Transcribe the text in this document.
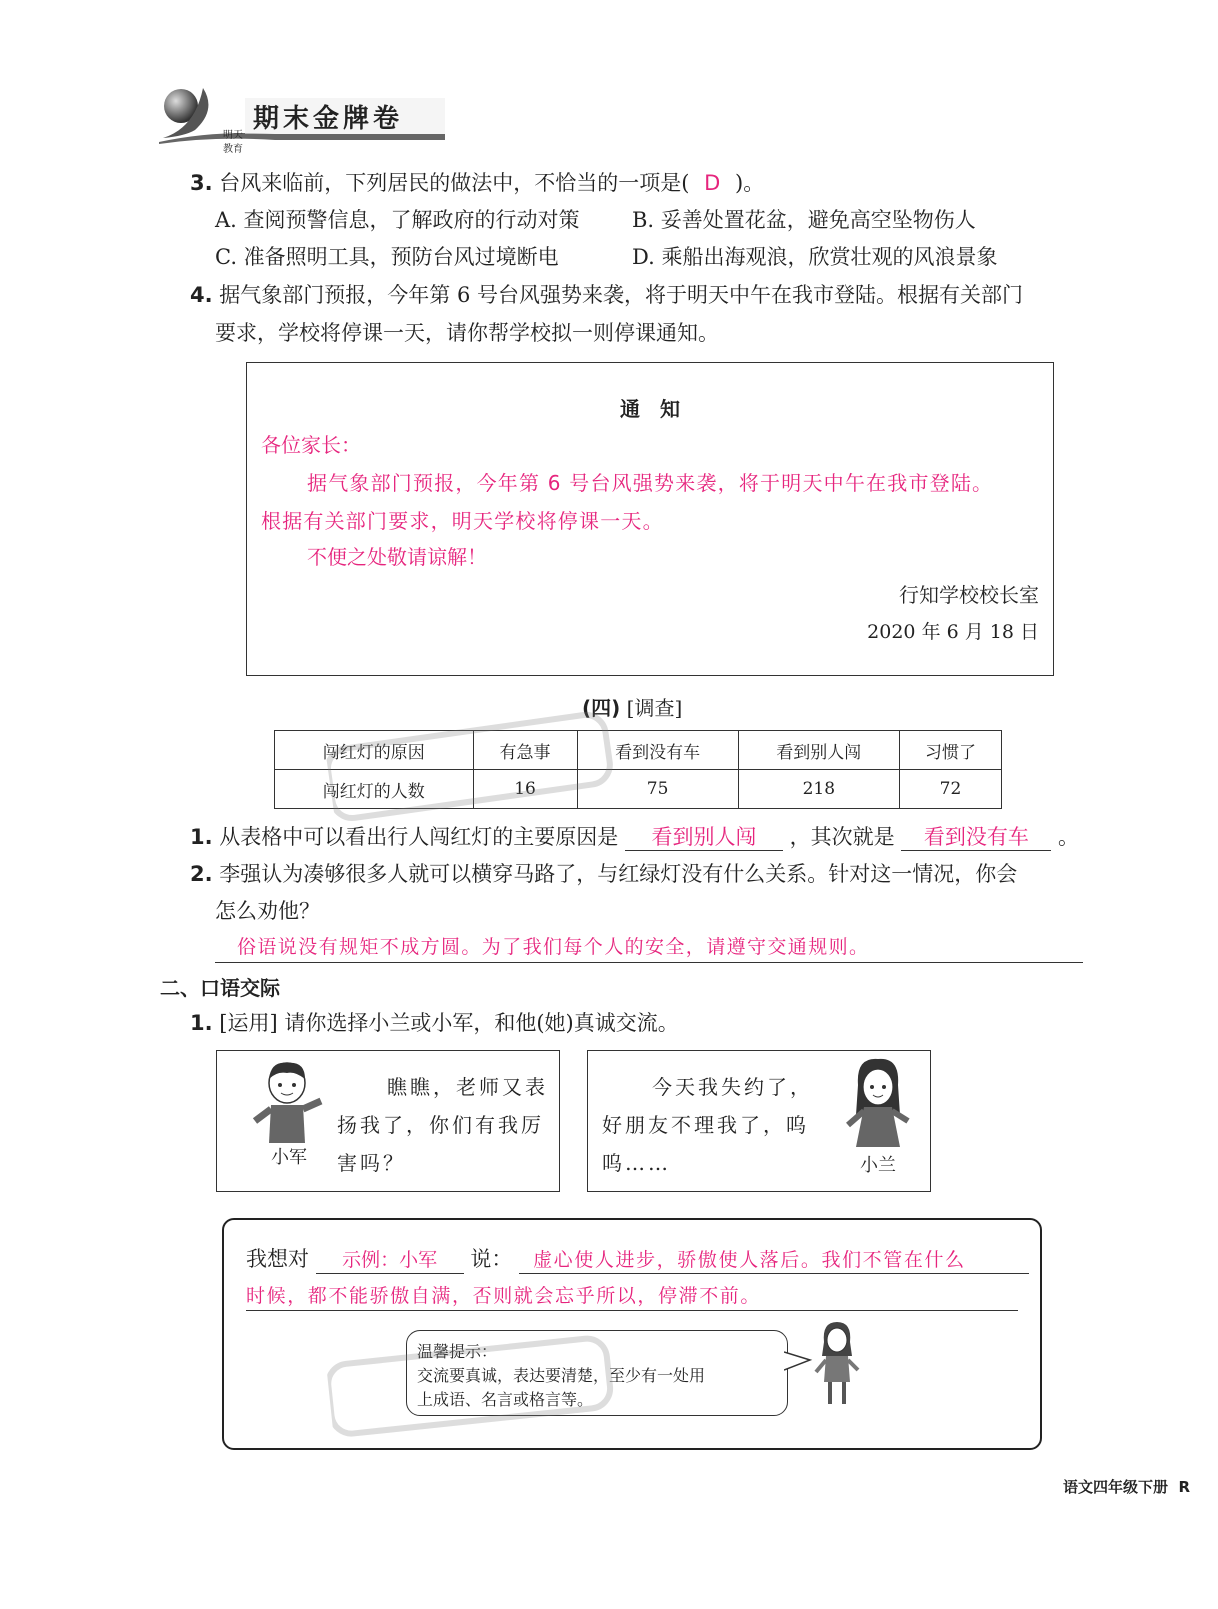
期末金牌卷
明天
教育
3. 台风来临前，下列居民的做法中，不恰当的一项是( D )。
A. 查阅预警信息，了解政府的行动对策 B. 妥善处置花盆，避免高空坠物伤人
C. 准备照明工具，预防台风过境断电	D. 乘船出海观浪，欣赏壮观的风浪景象
4. 据气象部门预报，今年第 6 号台风强势来袭，将于明天中午在我市登陆。根据有关部门
要求，学校将停课一天，请你帮学校拟一则停课通知。
通　知
各位家长：
据气象部门预报，今年第 6 号台风强势来袭，将于明天中午在我市登陆。
根据有关部门要求，明天学校将停课一天。
不便之处敬请谅解！
行知学校校长室
2020 年 6 月 18 日
(四) [调查]
闯红灯的原因	有急事	看到没有车	看到别人闯	习惯了
闯红灯的人数	16	75	218	72
1. 从表格中可以看出行人闯红灯的主要原因是 看到别人闯 ，其次就是 看到没有车 。
2. 李强认为凑够很多人就可以横穿马路了，与红绿灯没有什么关系。针对这一情况，你会
怎么劝他？
俗语说没有规矩不成方圆。为了我们每个人的安全，请遵守交通规则。
二、口语交际
1. [运用] 请你选择小兰或小军，和他(她)真诚交流。
小军
瞧瞧，老师又表
扬我了，你们有我厉
害吗？
今天我失约了，
好朋友不理我了，呜
呜……	小兰
我想对 示例：小军 说： 虚心使人进步，骄傲使人落后。我们不管在什么
时候，都不能骄傲自满，否则就会忘乎所以，停滞不前。
温馨提示：
交流要真诚，表达要清楚，至少有一处用
上成语、名言或格言等。
语文四年级下册  R
